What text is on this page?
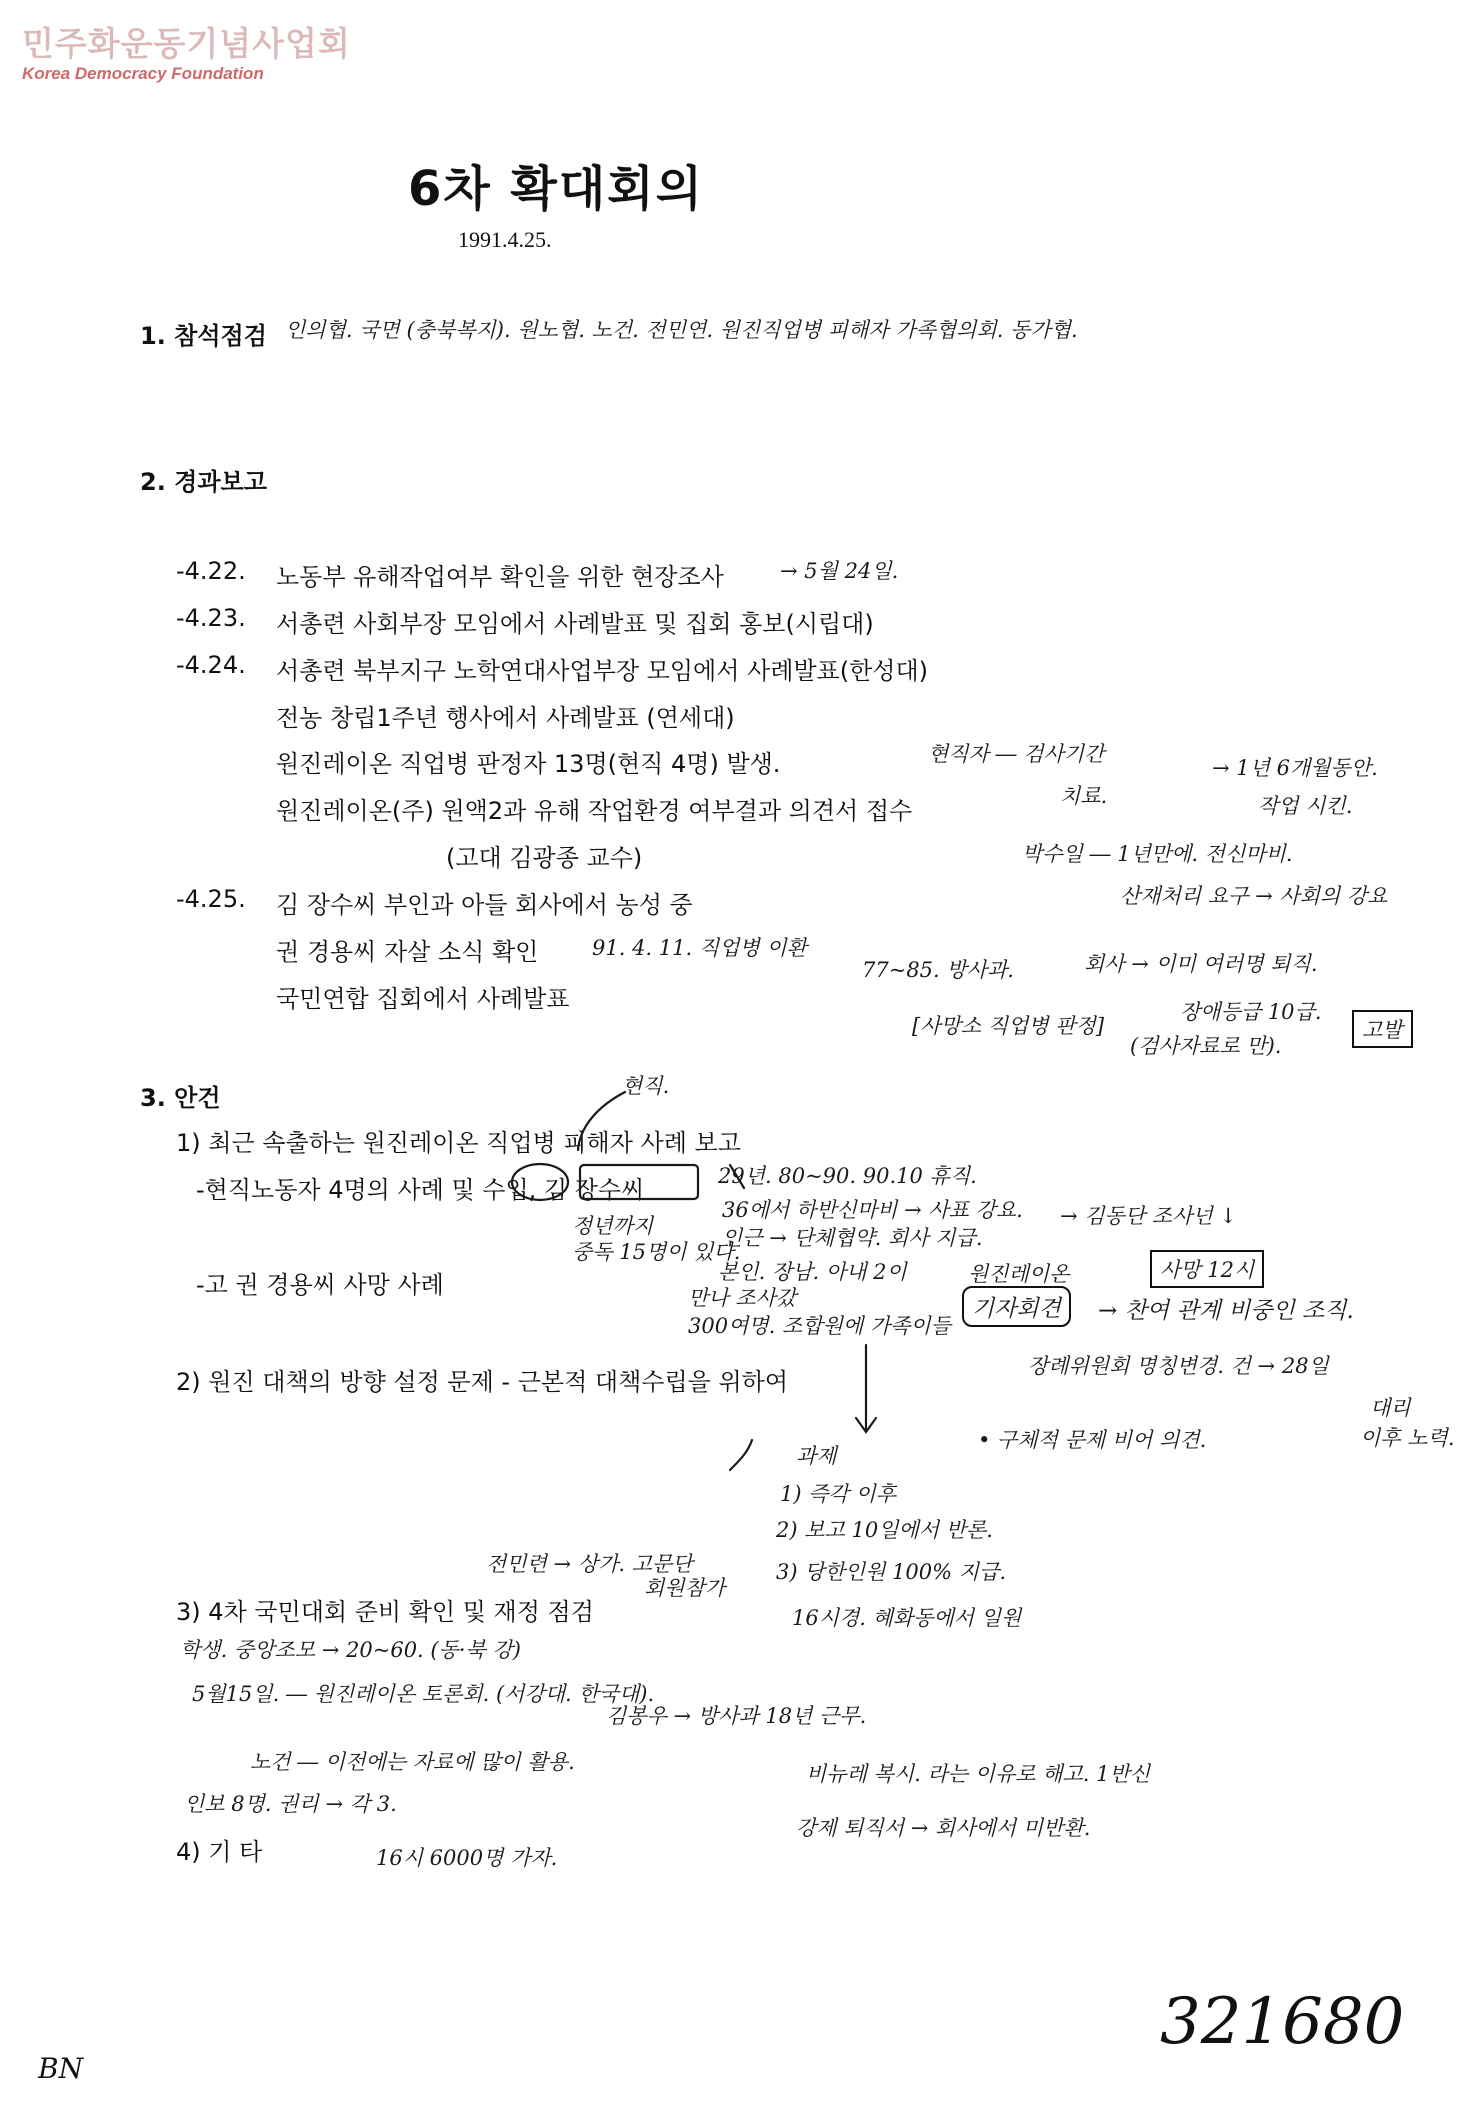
민주화운동기념사업회
Korea Democracy Foundation
6차 확대회의
1991.4.25.
1. 참석점검 인의협. 국면 (충북복지). 원노협. 노건. 전민연. 원진직업병 피해자 가족협의회. 동가협.
2. 경과보고
-4.22. 노동부 유해작업여부 확인을 위한 현장조사	→ 5월 24일.
-4.23. 서총련 사회부장 모임에서 사례발표 및 집회 홍보(시립대)
-4.24. 서총련 북부지구 노학연대사업부장 모임에서 사례발표(한성대)
전농 창립1주년 행사에서 사례발표 (연세대)
원진레이온 직업병 판정자 13명(현직 4명) 발생.
원진레이온(주) 원액2과 유해 작업환경 여부결과 의견서 접수
(고대 김광종 교수)
-4.25. 김 장수씨 부인과 아들 회사에서 농성 중
권 경용씨 자살 소식 확인	91. 4. 11. 직업병 이환
국민연합 집회에서 사례발표
현직자 ― 검사기간
→ 1년 6개월동안.
치료.	작업 시킨.
박수일 ― 1년만에. 전신마비.
산재처리 요구 → 사회의 강요
77~85. 방사과.	회사 → 이미 여러명 퇴직.
[사망소 직업병 판정]
장애등급 10급.
(검사자료로 만).
고발
3. 안건	현직.
1) 최근 속출하는 원진레이온 직업병 피해자 사례 보고
-현직노동자 4명의 사례 및 수입, 김 장수씨
-고 권 경용씨 사망 사례
2) 원진 대책의 방향 설정 문제 - 근본적 대책수립을 위하여
3) 4차 국민대회 준비 확인 및 재정 점검
4) 기 타
29년. 80~90. 90.10 휴직.
정년까지
중독 15명이 있다.
인근 → 단체협약. 회사 지급.
36에서 하반신마비 → 사표 강요. → 김동단 조사넌 ↓
본인. 장남. 아내 2이
만나 조사갔
300여명. 조합원에 가족이들
원진레이온
기자회견	→ 찬여 관계 비중인 조직.
사망 12시
장례위원회 명칭변경. 건 → 28일
대리
이후 노력.
• 구체적 문제 비어 의견.
과제
1) 즉각 이후
2) 보고 10일에서 반론.
3) 당한인원 100% 지급.
전민련 → 상가. 고문단
회원참가
16시경. 혜화동에서 일원
학생. 중앙조모 → 20~60. (동·북 강)
5월15일. ― 원진레이온 토론회. (서강대. 한국대).
김봉우 → 방사과 18년 근무.
노건 ― 이전에는 자료에 많이 활용.	비뉴레 복시. 라는 이유로 해고. 1반신
인보 8명. 권리 → 각 3.
강제 퇴직서 → 회사에서 미반환.
16시 6000명 가자.
321680
BN
